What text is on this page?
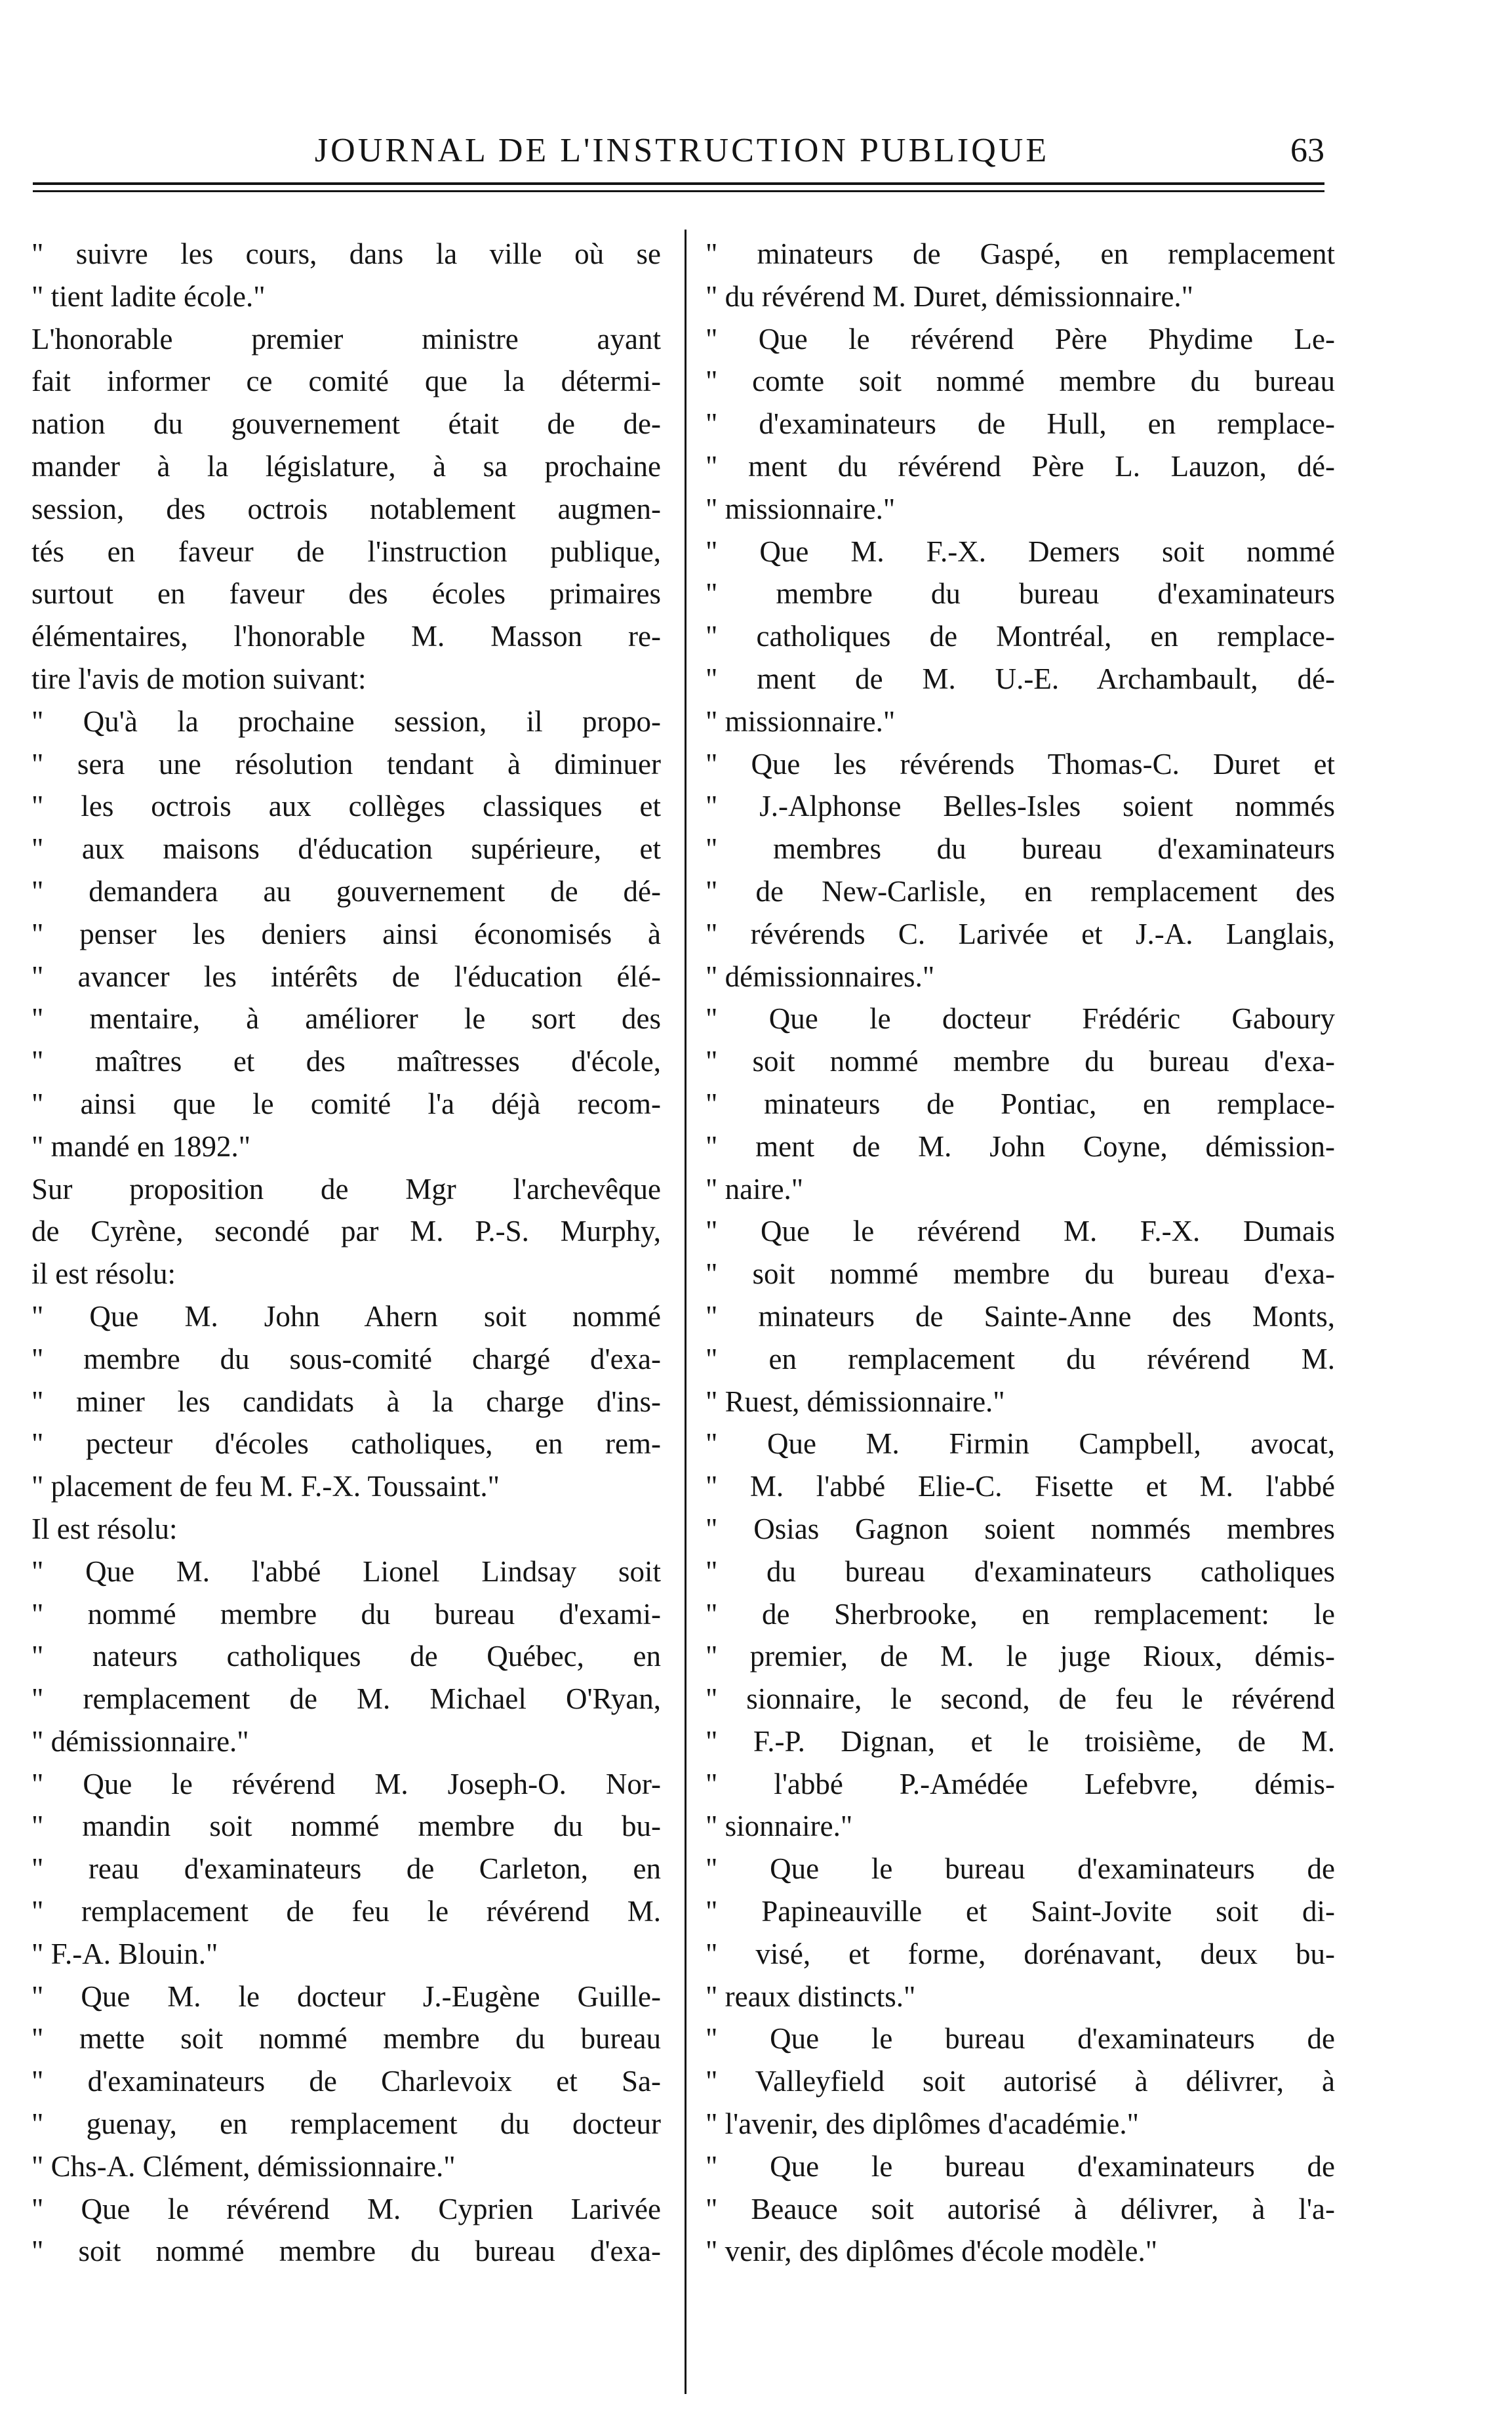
JOURNAL DE L'INSTRUCTION PUBLIQUE	63
" suivre les cours, dans la ville où se
" tient ladite école."
L'honorable premier ministre ayant
fait informer ce comité que la détermi-
nation du gouvernement était de de-
mander à la législature, à sa prochaine
session, des octrois notablement augmen-
tés en faveur de l'instruction publique,
surtout en faveur des écoles primaires
élémentaires, l'honorable M. Masson re-
tire l'avis de motion suivant:
" Qu'à la prochaine session, il propo-
" sera une résolution tendant à diminuer
" les octrois aux collèges classiques et
" aux maisons d'éducation supérieure, et
" demandera au gouvernement de dé-
" penser les deniers ainsi économisés à
" avancer les intérêts de l'éducation élé-
" mentaire, à améliorer le sort des
" maîtres et des maîtresses d'école,
" ainsi que le comité l'a déjà recom-
" mandé en 1892."
Sur proposition de Mgr l'archevêque
de Cyrène, secondé par M. P.-S. Murphy,
il est résolu:
" Que M. John Ahern soit nommé
" membre du sous-comité chargé d'exa-
" miner les candidats à la charge d'ins-
" pecteur d'écoles catholiques, en rem-
" placement de feu M. F.-X. Toussaint."
Il est résolu:
" Que M. l'abbé Lionel Lindsay soit
" nommé membre du bureau d'exami-
" nateurs catholiques de Québec, en
" remplacement de M. Michael O'Ryan,
" démissionnaire."
" Que le révérend M. Joseph-O. Nor-
" mandin soit nommé membre du bu-
" reau d'examinateurs de Carleton, en
" remplacement de feu le révérend M.
" F.-A. Blouin."
" Que M. le docteur J.-Eugène Guille-
" mette soit nommé membre du bureau
" d'examinateurs de Charlevoix et Sa-
" guenay, en remplacement du docteur
" Chs-A. Clément, démissionnaire."
" Que le révérend M. Cyprien Larivée
" soit nommé membre du bureau d'exa-
" minateurs de Gaspé, en remplacement
" du révérend M. Duret, démissionnaire."
" Que le révérend Père Phydime Le-
" comte soit nommé membre du bureau
" d'examinateurs de Hull, en remplace-
" ment du révérend Père L. Lauzon, dé-
" missionnaire."
" Que M. F.-X. Demers soit nommé
" membre du bureau d'examinateurs
" catholiques de Montréal, en remplace-
" ment de M. U.-E. Archambault, dé-
" missionnaire."
" Que les révérends Thomas-C. Duret et
" J.-Alphonse Belles-Isles soient nommés
" membres du bureau d'examinateurs
" de New-Carlisle, en remplacement des
" révérends C. Larivée et J.-A. Langlais,
" démissionnaires."
" Que le docteur Frédéric Gaboury
" soit nommé membre du bureau d'exa-
" minateurs de Pontiac, en remplace-
" ment de M. John Coyne, démission-
" naire."
" Que le révérend M. F.-X. Dumais
" soit nommé membre du bureau d'exa-
" minateurs de Sainte-Anne des Monts,
" en remplacement du révérend M.
" Ruest, démissionnaire."
" Que M. Firmin Campbell, avocat,
" M. l'abbé Elie-C. Fisette et M. l'abbé
" Osias Gagnon soient nommés membres
" du bureau d'examinateurs catholiques
" de Sherbrooke, en remplacement: le
" premier, de M. le juge Rioux, démis-
" sionnaire, le second, de feu le révérend
" F.-P. Dignan, et le troisième, de M.
" l'abbé P.-Amédée Lefebvre, démis-
" sionnaire."
" Que le bureau d'examinateurs de
" Papineauville et Saint-Jovite soit di-
" visé, et forme, dorénavant, deux bu-
" reaux distincts."
" Que le bureau d'examinateurs de
" Valleyfield soit autorisé à délivrer, à
" l'avenir, des diplômes d'académie."
" Que le bureau d'examinateurs de
" Beauce soit autorisé à délivrer, à l'a-
" venir, des diplômes d'école modèle."
